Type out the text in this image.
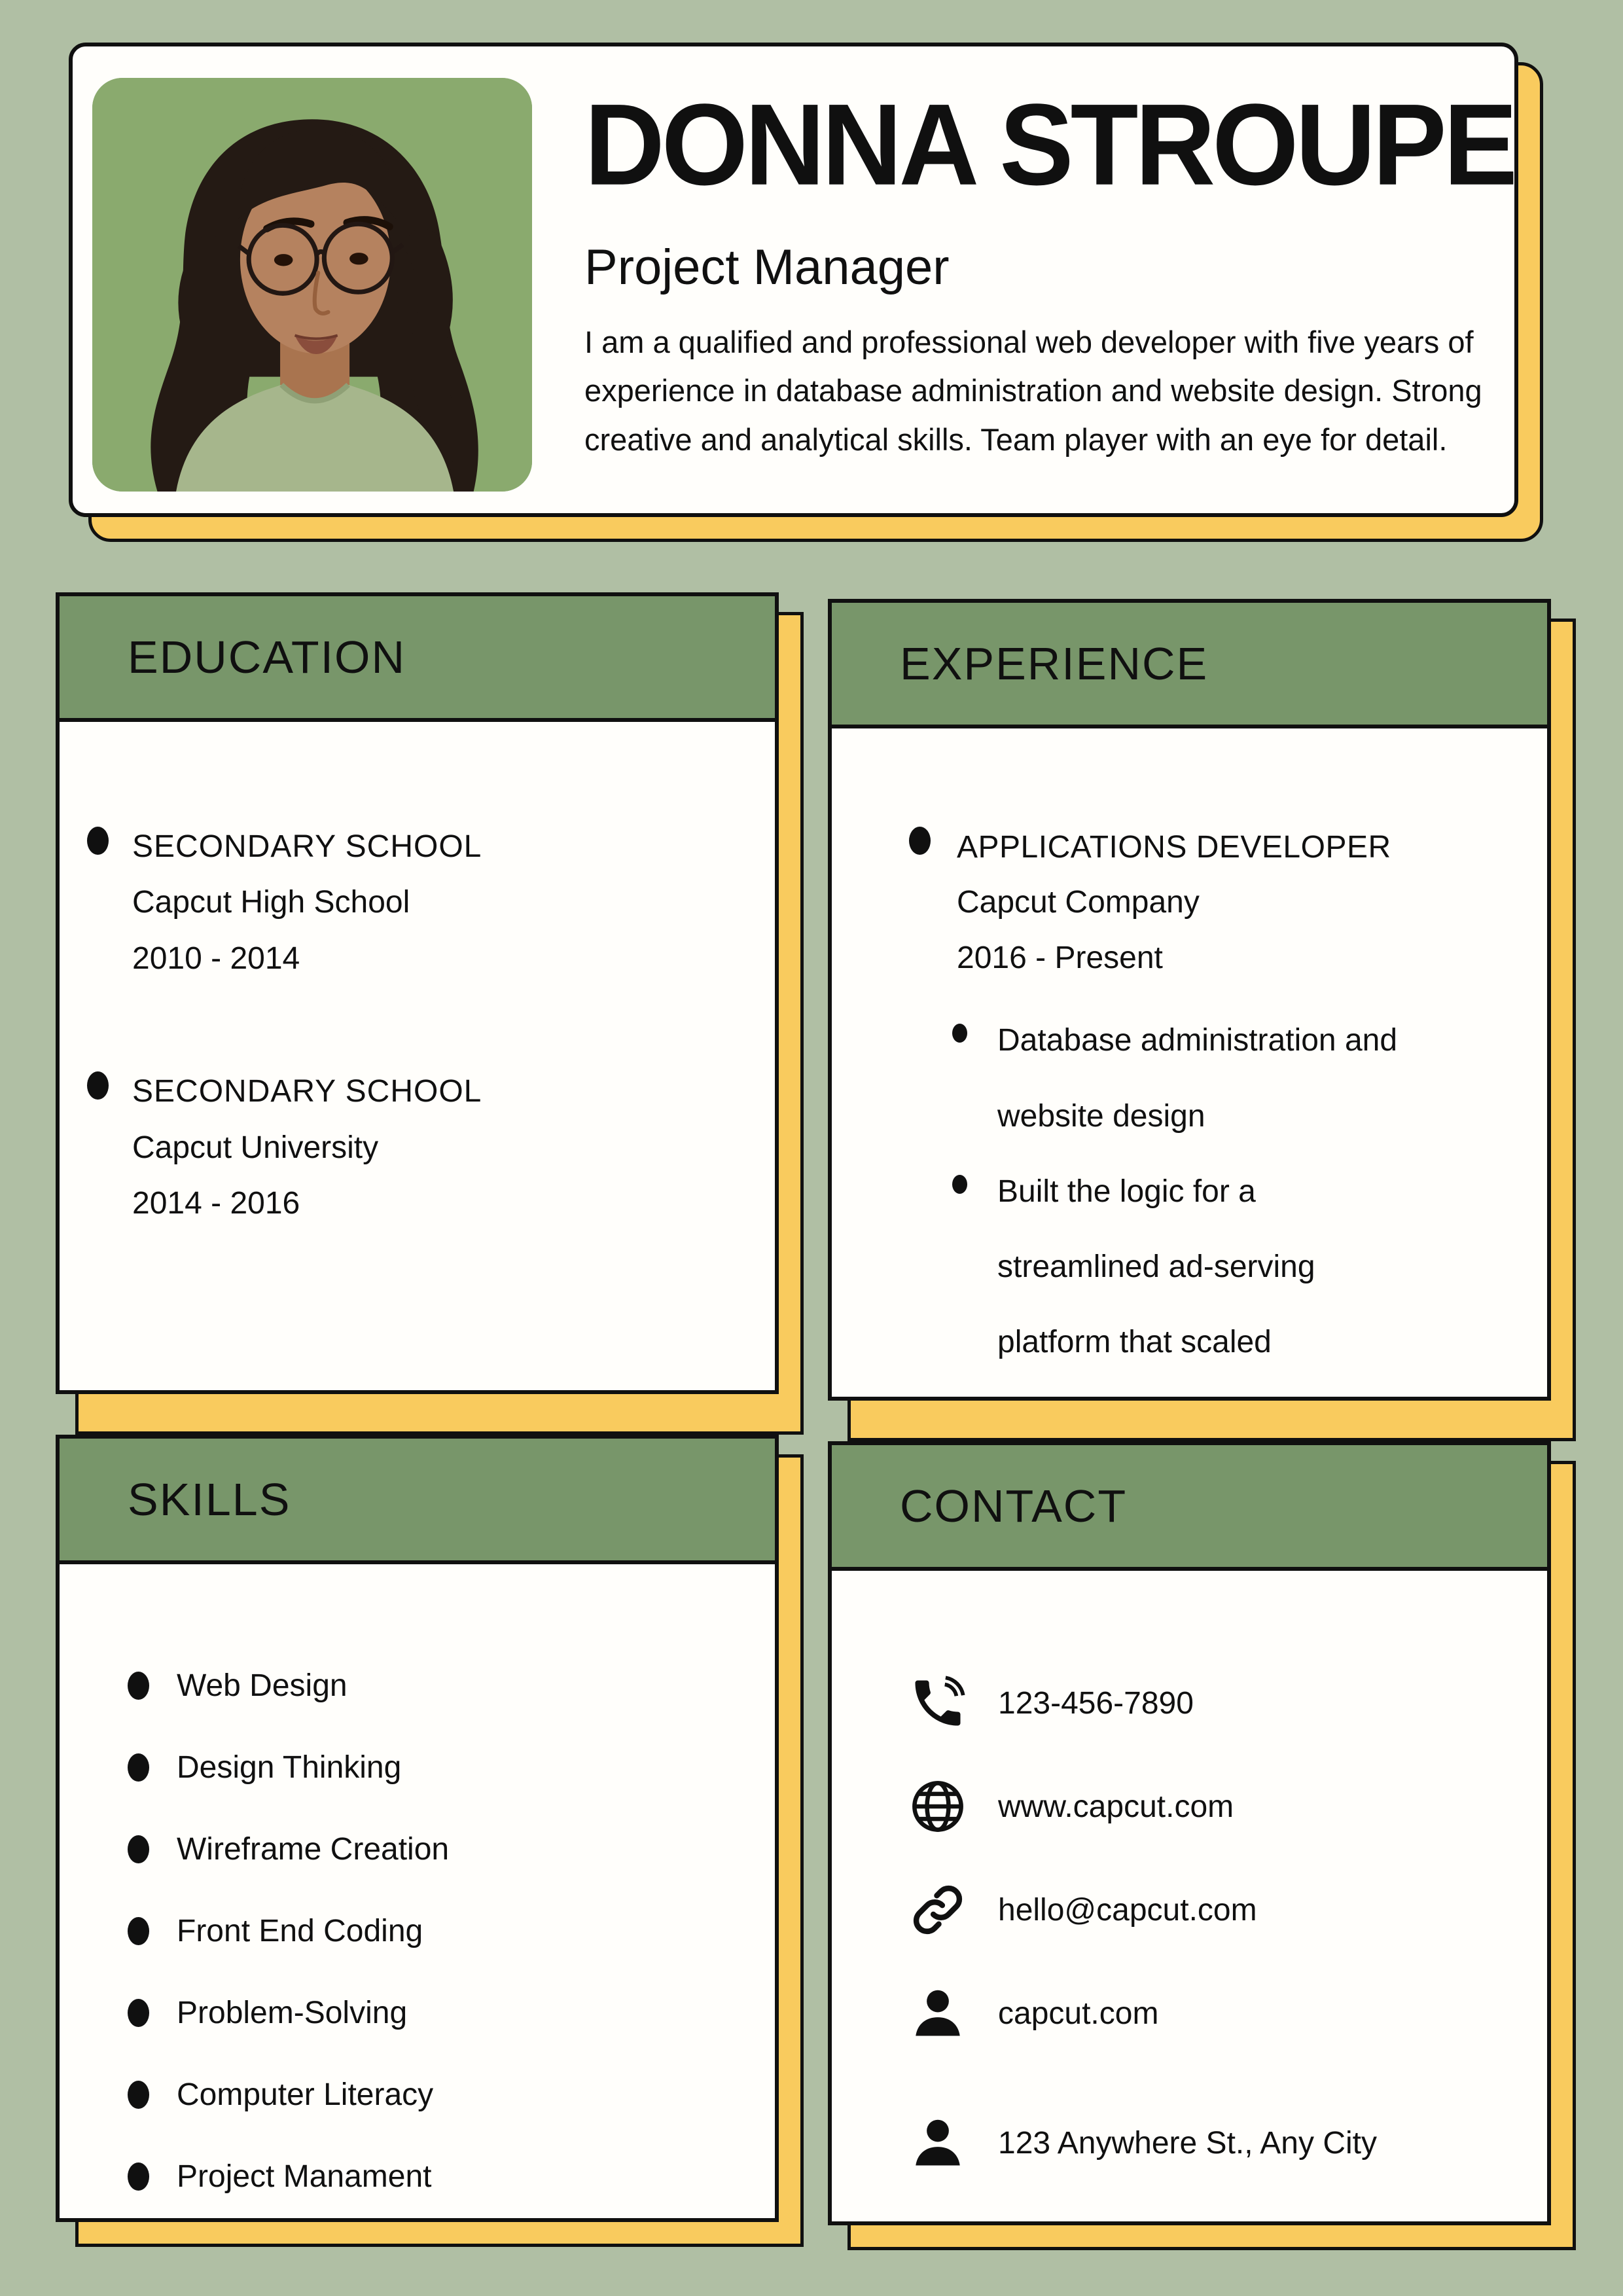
DONNA STROUPE
Project Manager
I am a qualified and professional web developer with five years of experience in database administration and website design. Strong creative and analytical skills. Team player with an eye for detail.
EDUCATION
SECONDARY SCHOOL
Capcut High School
2010 - 2014
SECONDARY SCHOOL
Capcut University
2014 - 2016
EXPERIENCE
APPLICATIONS DEVELOPER
Capcut Company
2016 - Present
Database administration and website design
Built the logic for a streamlined ad-serving platform that scaled
SKILLS
Web Design
Design Thinking
Wireframe Creation
Front End Coding
Problem-Solving
Computer Literacy
Project Manament
CONTACT
123-456-7890
www.capcut.com
hello@capcut.com
capcut.com
123 Anywhere St., Any City
